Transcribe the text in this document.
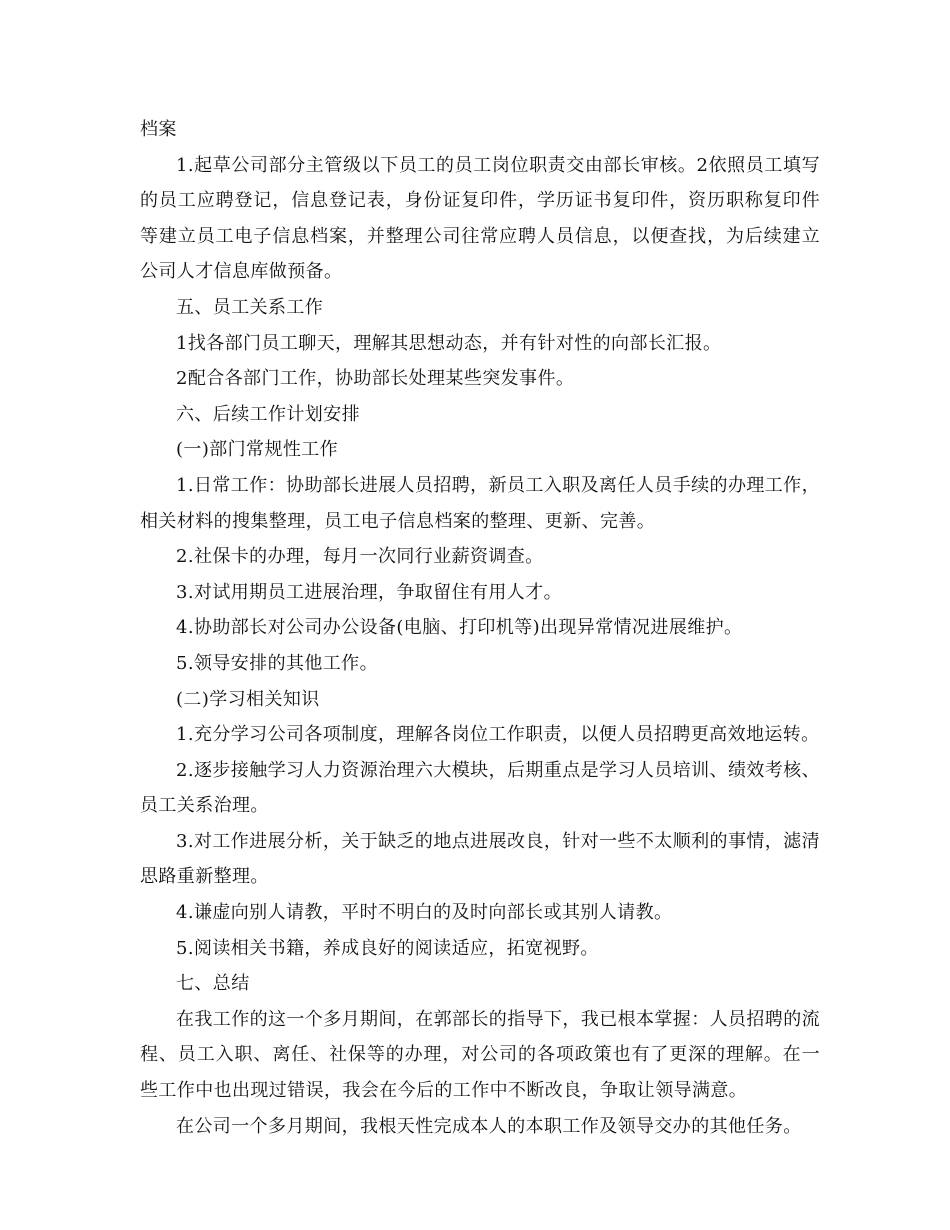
档案

1.起草公司部分主管级以下员工的员工岗位职责交由部长审核。2依照员工填写的员工应聘登记，信息登记表，身份证复印件，学历证书复印件，资历职称复印件等建立员工电子信息档案，并整理公司往常应聘人员信息，以便查找，为后续建立公司人才信息库做预备。

五、员工关系工作

1找各部门员工聊天，理解其思想动态，并有针对性的向部长汇报。

2配合各部门工作，协助部长处理某些突发事件。

六、后续工作计划安排

(一)部门常规性工作

1.日常工作：协助部长进展人员招聘，新员工入职及离任人员手续的办理工作，相关材料的搜集整理，员工电子信息档案的整理、更新、完善。

2.社保卡的办理，每月一次同行业薪资调查。

3.对试用期员工进展治理，争取留住有用人才。

4.协助部长对公司办公设备(电脑、打印机等)出现异常情况进展维护。

5.领导安排的其他工作。

(二)学习相关知识

1.充分学习公司各项制度，理解各岗位工作职责，以便人员招聘更高效地运转。

2.逐步接触学习人力资源治理六大模块，后期重点是学习人员培训、绩效考核、员工关系治理。

3.对工作进展分析，关于缺乏的地点进展改良，针对一些不太顺利的事情，滤清思路重新整理。

4.谦虚向别人请教，平时不明白的及时向部长或其别人请教。

5.阅读相关书籍，养成良好的阅读适应，拓宽视野。

七、总结

在我工作的这一个多月期间，在郭部长的指导下，我已根本掌握：人员招聘的流程、员工入职、离任、社保等的办理，对公司的各项政策也有了更深的理解。在一些工作中也出现过错误，我会在今后的工作中不断改良，争取让领导满意。

在公司一个多月期间，我根天性完成本人的本职工作及领导交办的其他任务。
